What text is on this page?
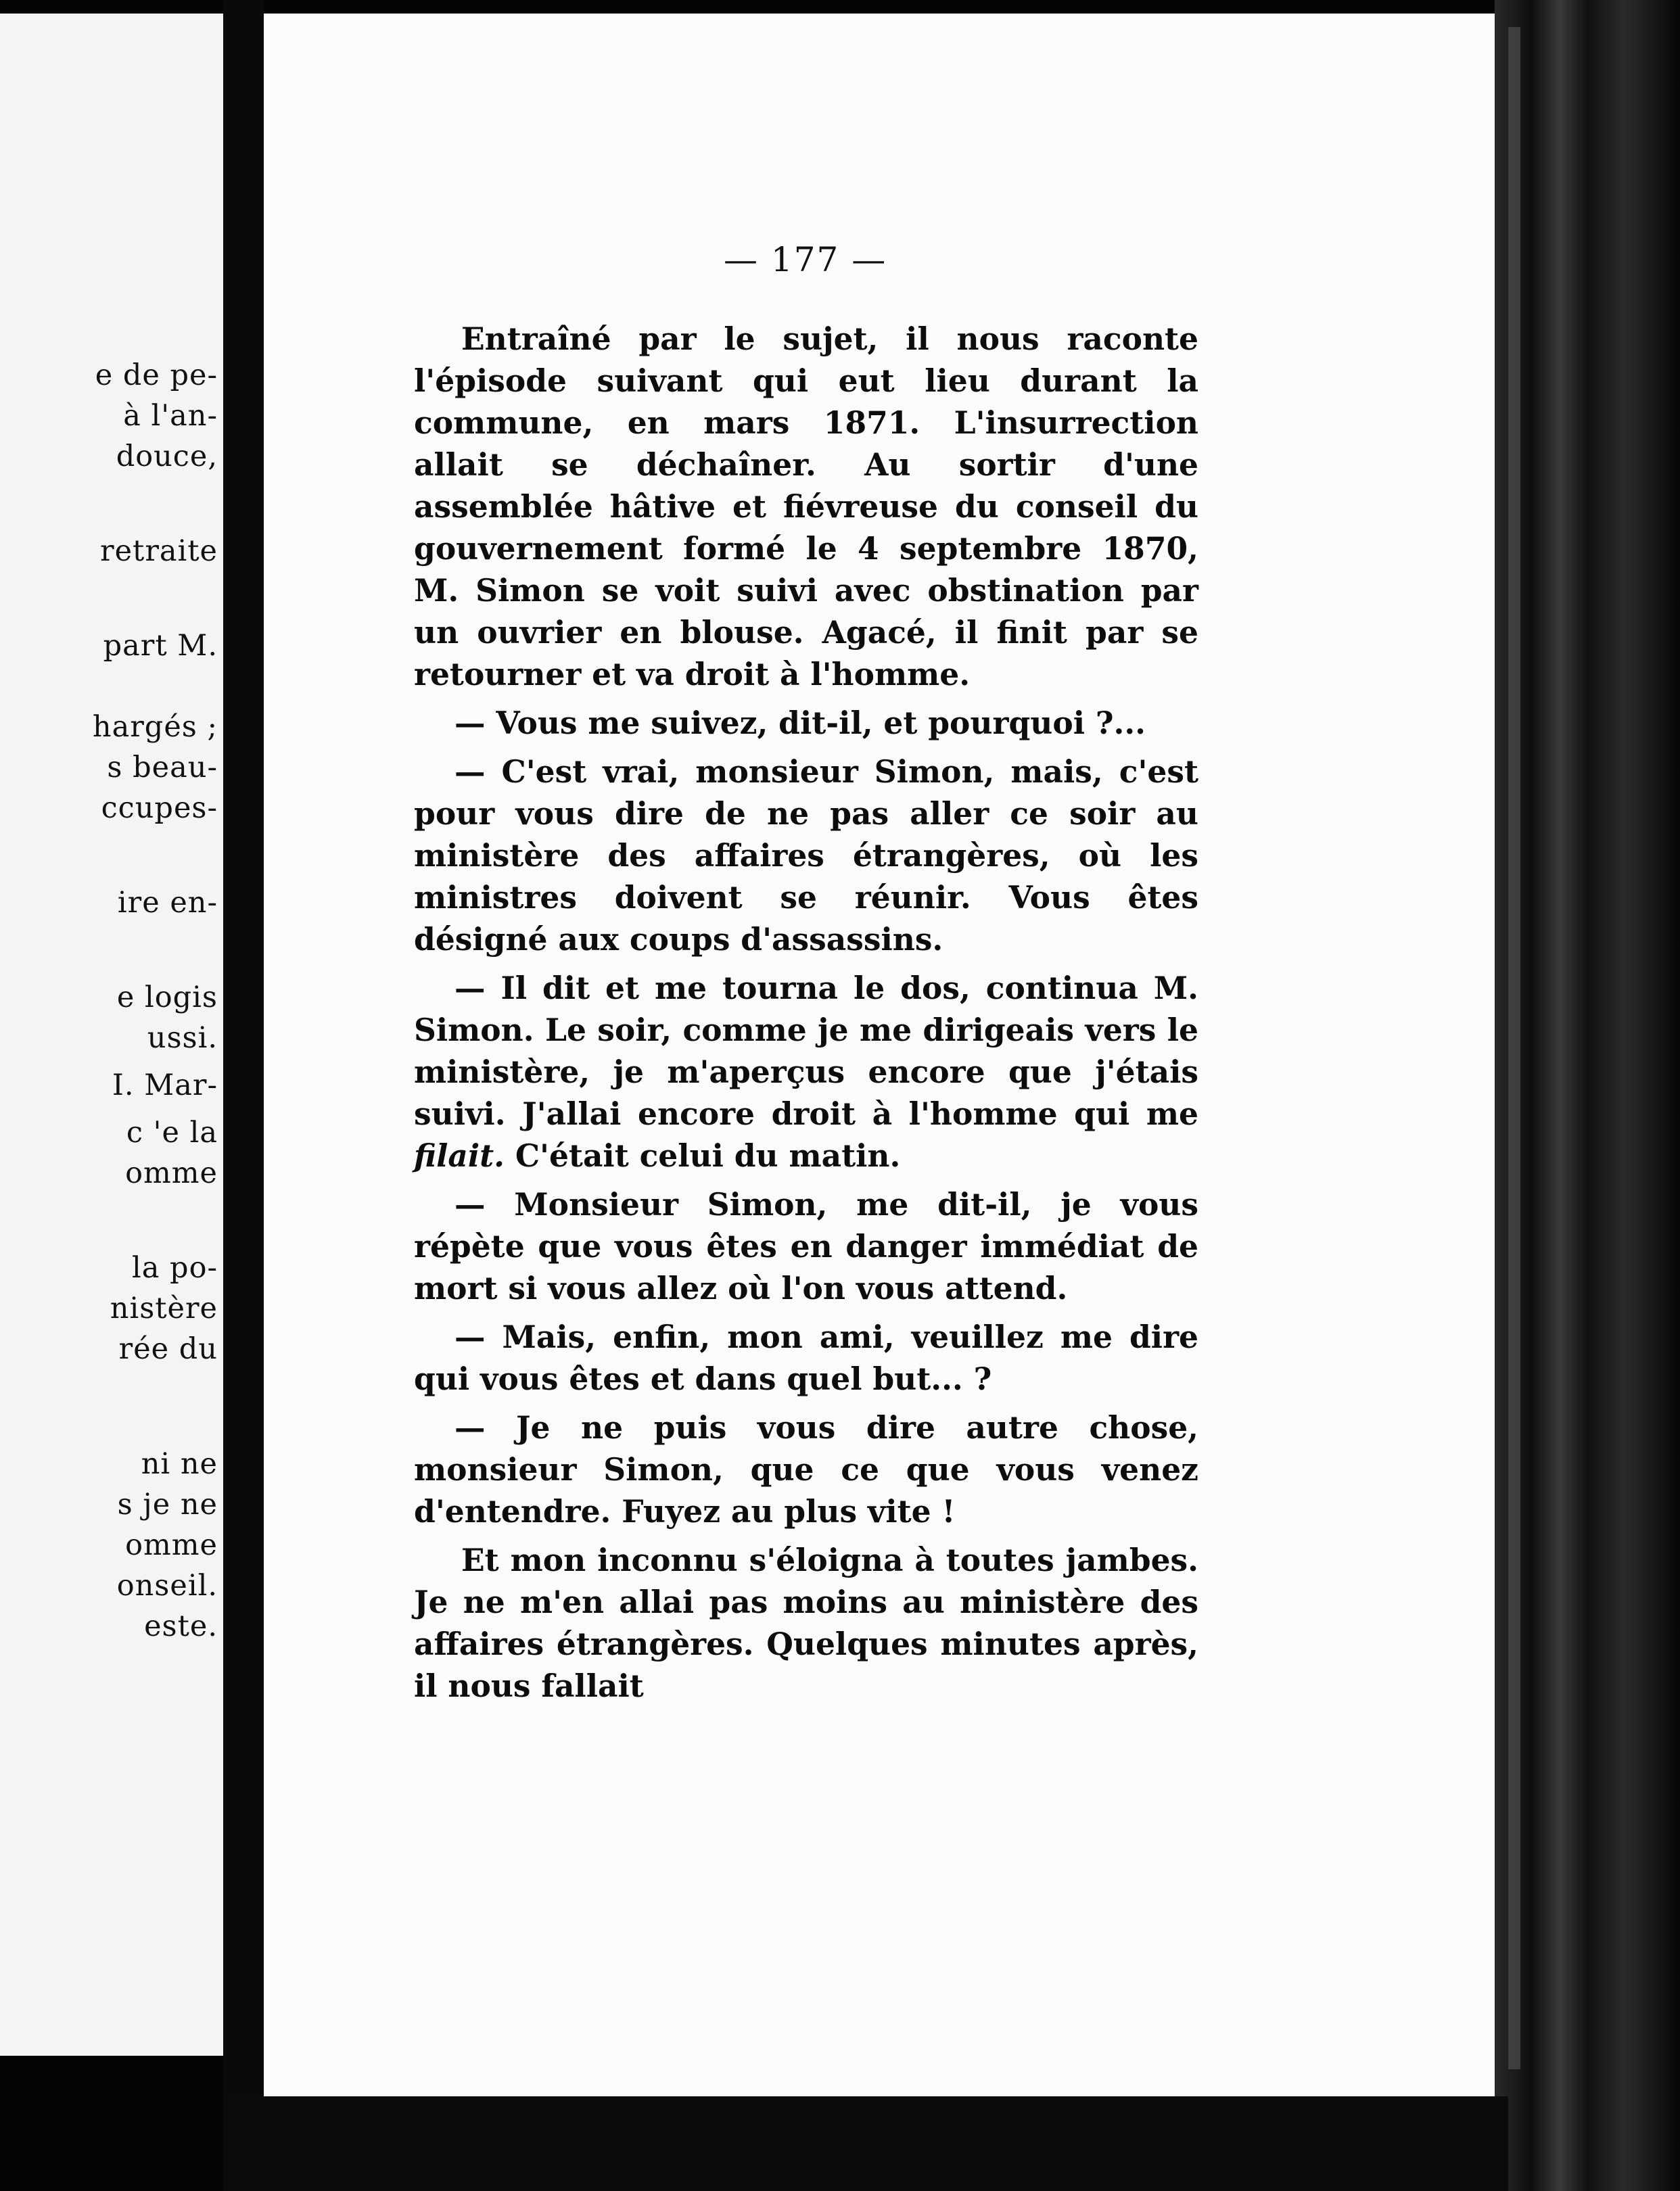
e de pe-
à l'an-
douce,
retraite
part M.
hargés ;
s beau-
ccupes-
ire en-
e logis
ussi.
I. Mar-
c 'e la
omme
la po-
nistère
rée du
ni ne
s je ne
omme
onseil.
este.
— 177 —

Entraîné par le sujet, il nous raconte l'épisode suivant qui eut lieu durant la commune, en mars 1871. L'insurrection allait se déchaîner. Au sortir d'une assemblée hâtive et fiévreuse du conseil du gouvernement formé le 4 septembre 1870, M. Simon se voit suivi avec obstination par un ouvrier en blouse. Agacé, il finit par se retourner et va droit à l'homme.

— Vous me suivez, dit-il, et pourquoi ?...

— C'est vrai, monsieur Simon, mais, c'est pour vous dire de ne pas aller ce soir au ministère des affaires étrangères, où les ministres doivent se réunir. Vous êtes désigné aux coups d'assassins.

— Il dit et me tourna le dos, continua M. Simon. Le soir, comme je me dirigeais vers le ministère, je m'aperçus encore que j'étais suivi. J'allai encore droit à l'homme qui me filait. C'était celui du matin.

— Monsieur Simon, me dit-il, je vous répète que vous êtes en danger immédiat de mort si vous allez où l'on vous attend.

— Mais, enfin, mon ami, veuillez me dire qui vous êtes et dans quel but... ?

— Je ne puis vous dire autre chose, monsieur Simon, que ce que vous venez d'entendre. Fuyez au plus vite !

Et mon inconnu s'éloigna à toutes jambes. Je ne m'en allai pas moins au ministère des affaires étrangères. Quelques minutes après, il nous fallait
